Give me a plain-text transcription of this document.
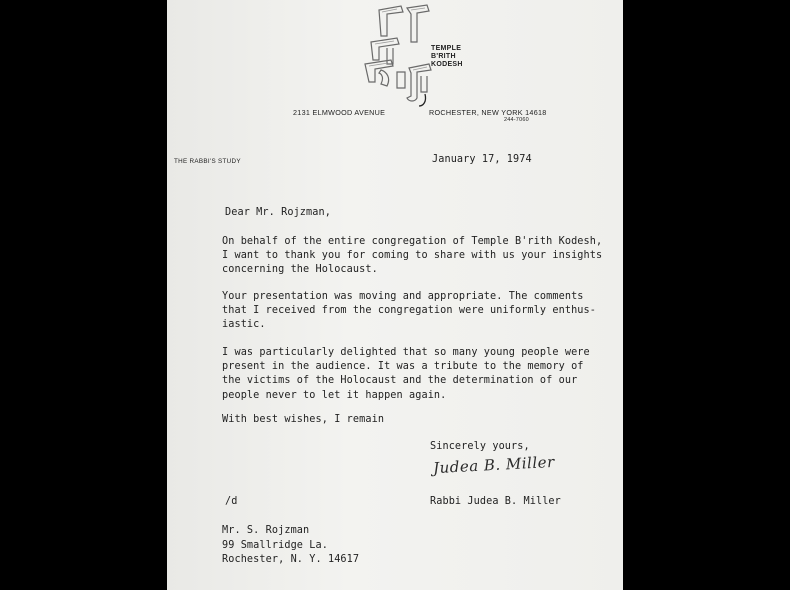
TEMPLE
B'RITH
KODESH
2131 ELMWOOD AVENUE	ROCHESTER, NEW YORK 14618
244-7060
THE RABBI'S STUDY	January 17, 1974
Dear Mr. Rojzman,
On behalf of the entire congregation of Temple B'rith Kodesh,
I want to thank you for coming to share with us your insights
concerning the Holocaust.
Your presentation was moving and appropriate. The comments
that I received from the congregation were uniformly enthus-
iastic.
I was particularly delighted that so many young people were
present in the audience. It was a tribute to the memory of
the victims of the Holocaust and the determination of our
people never to let it happen again.
With best wishes, I remain
Sincerely yours,
Judea B. Miller
Rabbi Judea B. Miller
/d
Mr. S. Rojzman
99 Smallridge La.
Rochester, N. Y. 14617
